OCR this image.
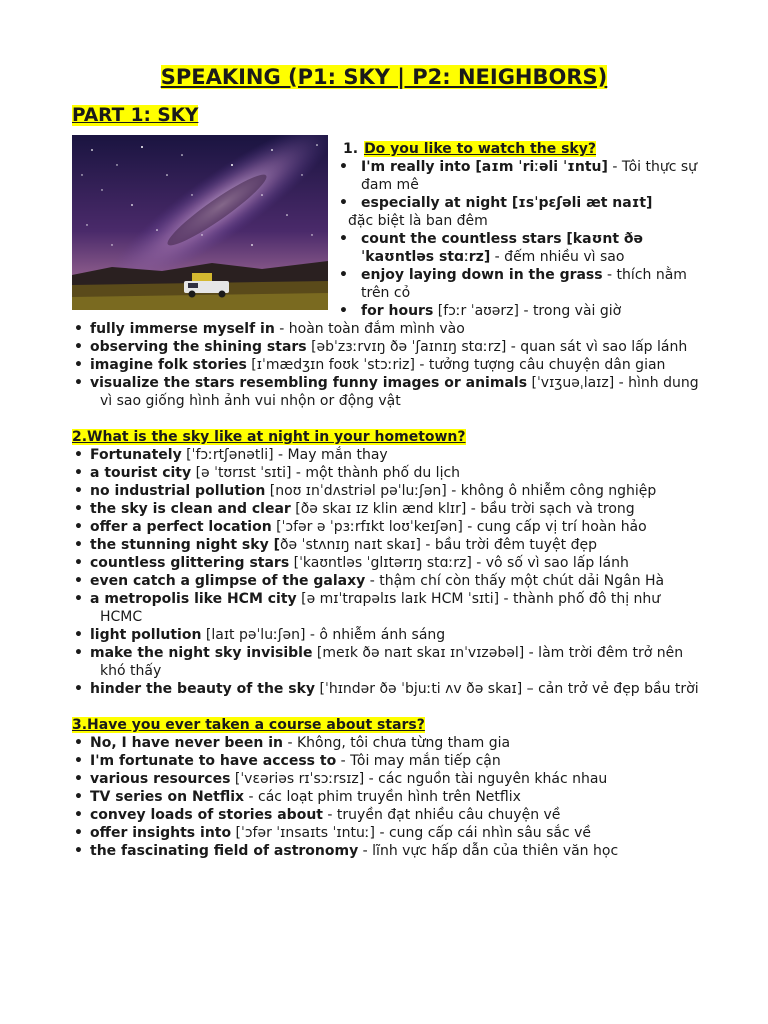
SPEAKING (P1: SKY | P2: NEIGHBORS)
PART 1: SKY
1. Do you like to watch the sky?
• I'm really into [aɪm ˈriːəli ˈɪntu] - Tôi thực sự đam mê
• especially at night [ɪsˈpɛʃəli æt naɪt]
đặc biệt là ban đêm
• count the countless stars [kaʊnt ðə ˈkaʊntləs stɑːrz] - đếm nhiều vì sao
• enjoy laying down in the grass - thích nằm trên cỏ
• for hours [fɔːr ˈaʊərz] - trong vài giờ
• fully immerse myself in - hoàn toàn đắm mình vào
• observing the shining stars [əbˈzɜːrvɪŋ ðə ˈʃaɪnɪŋ stɑːrz] - quan sát vì sao lấp lánh
• imagine folk stories [ɪˈmædʒɪn foʊk ˈstɔːriz] - tưởng tượng câu chuyện dân gian
• visualize the stars resembling funny images or animals [ˈvɪʒuəˌlaɪz] - hình dung
vì sao giống hình ảnh vui nhộn or động vật
2.What is the sky like at night in your hometown?
• Fortunately [ˈfɔːrtʃənətli] - May mắn thay
• a tourist city [ə ˈtʊrɪst ˈsɪti] - một thành phố du lịch
• no industrial pollution [noʊ ɪnˈdʌstriəl pəˈluːʃən] - không ô nhiễm công nghiệp
• the sky is clean and clear [ðə skaɪ ɪz klin ænd klɪr] - bầu trời sạch và trong
• offer a perfect location [ˈɔfər ə ˈpɜːrfɪkt loʊˈkeɪʃən] - cung cấp vị trí hoàn hảo
• the stunning night sky [ðə ˈstʌnɪŋ naɪt skaɪ] - bầu trời đêm tuyệt đẹp
• countless glittering stars [ˈkaʊntləs ˈglɪtərɪŋ stɑːrz] - vô số vì sao lấp lánh
• even catch a glimpse of the galaxy - thậm chí còn thấy một chút dải Ngân Hà
• a metropolis like HCM city [ə mɪˈtrɑpəlɪs laɪk HCM ˈsɪti] - thành phố đô thị như
HCMC
• light pollution [laɪt pəˈluːʃən] - ô nhiễm ánh sáng
• make the night sky invisible [meɪk ðə naɪt skaɪ ɪnˈvɪzəbəl] - làm trời đêm trở nên
khó thấy
• hinder the beauty of the sky [ˈhɪndər ðə ˈbjuːti ʌv ðə skaɪ] – cản trở vẻ đẹp bầu trời
3.Have you ever taken a course about stars?
• No, I have never been in - Không, tôi chưa từng tham gia
• I'm fortunate to have access to - Tôi may mắn tiếp cận
• various resources [ˈvɛəriəs rɪˈsɔːrsɪz] - các nguồn tài nguyên khác nhau
• TV series on Netflix - các loạt phim truyền hình trên Netflix
• convey loads of stories about - truyền đạt nhiều câu chuyện về
• offer insights into [ˈɔfər ˈɪnsaɪts ˈɪntuː] - cung cấp cái nhìn sâu sắc về
• the fascinating field of astronomy - lĩnh vực hấp dẫn của thiên văn học
